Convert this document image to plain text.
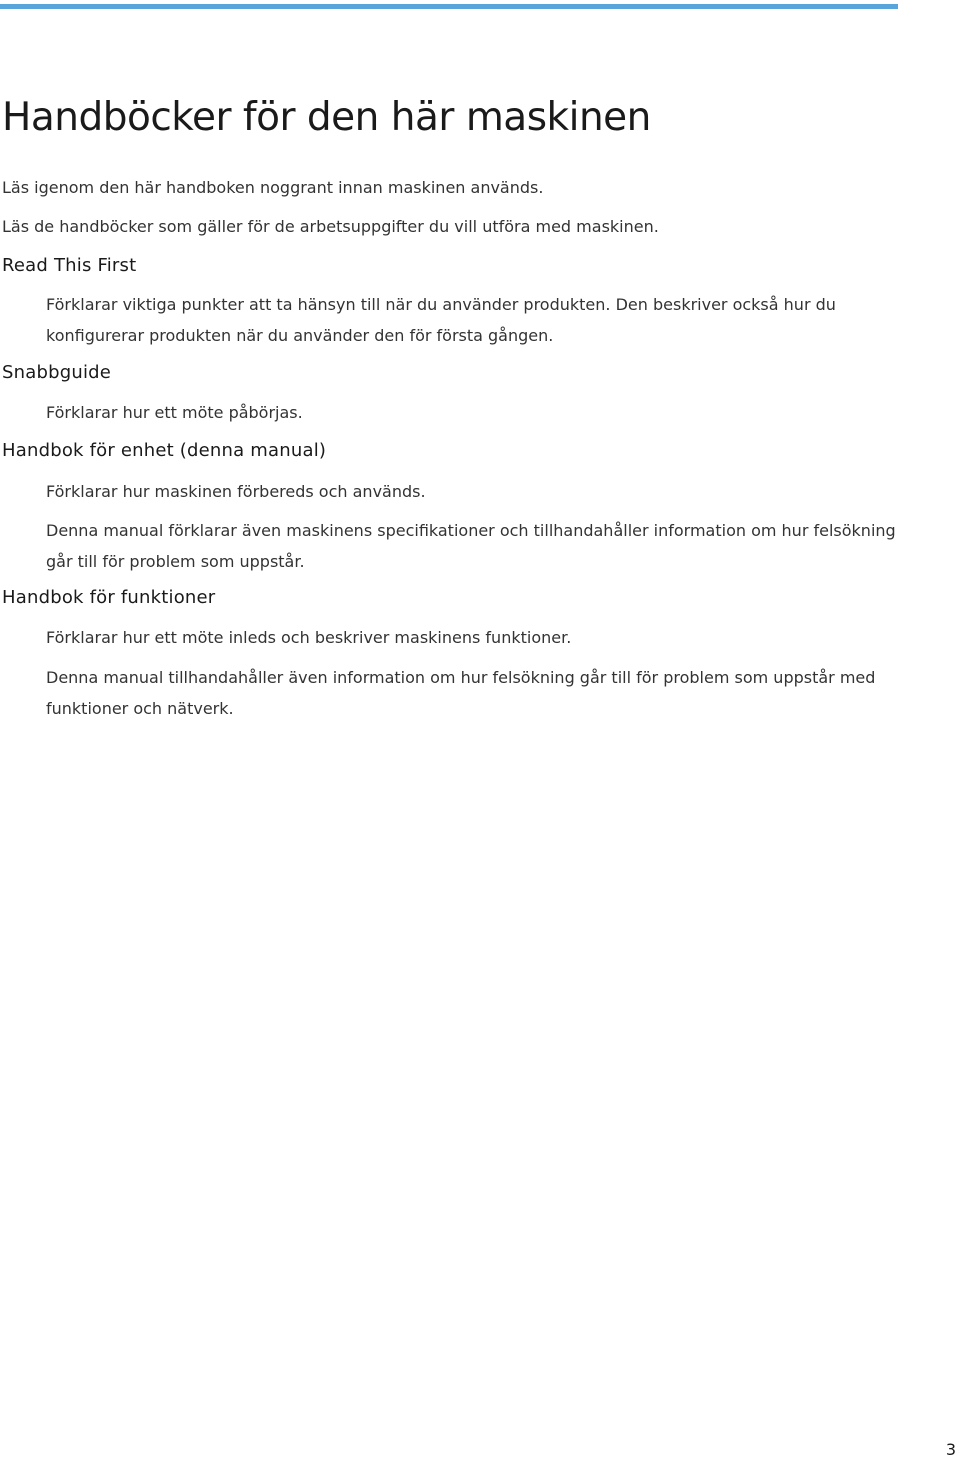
Handböcker för den här maskinen

Läs igenom den här handboken noggrant innan maskinen används.

Läs de handböcker som gäller för de arbetsuppgifter du vill utföra med maskinen.

Read This First

Förklarar viktiga punkter att ta hänsyn till när du använder produkten. Den beskriver också hur du konfigurerar produkten när du använder den för första gången.

Snabbguide

Förklarar hur ett möte påbörjas.

Handbok för enhet (denna manual)

Förklarar hur maskinen förbereds och används.

Denna manual förklarar även maskinens specifikationer och tillhandahåller information om hur felsökning går till för problem som uppstår.

Handbok för funktioner

Förklarar hur ett möte inleds och beskriver maskinens funktioner.

Denna manual tillhandahåller även information om hur felsökning går till för problem som uppstår med funktioner och nätverk.

3
